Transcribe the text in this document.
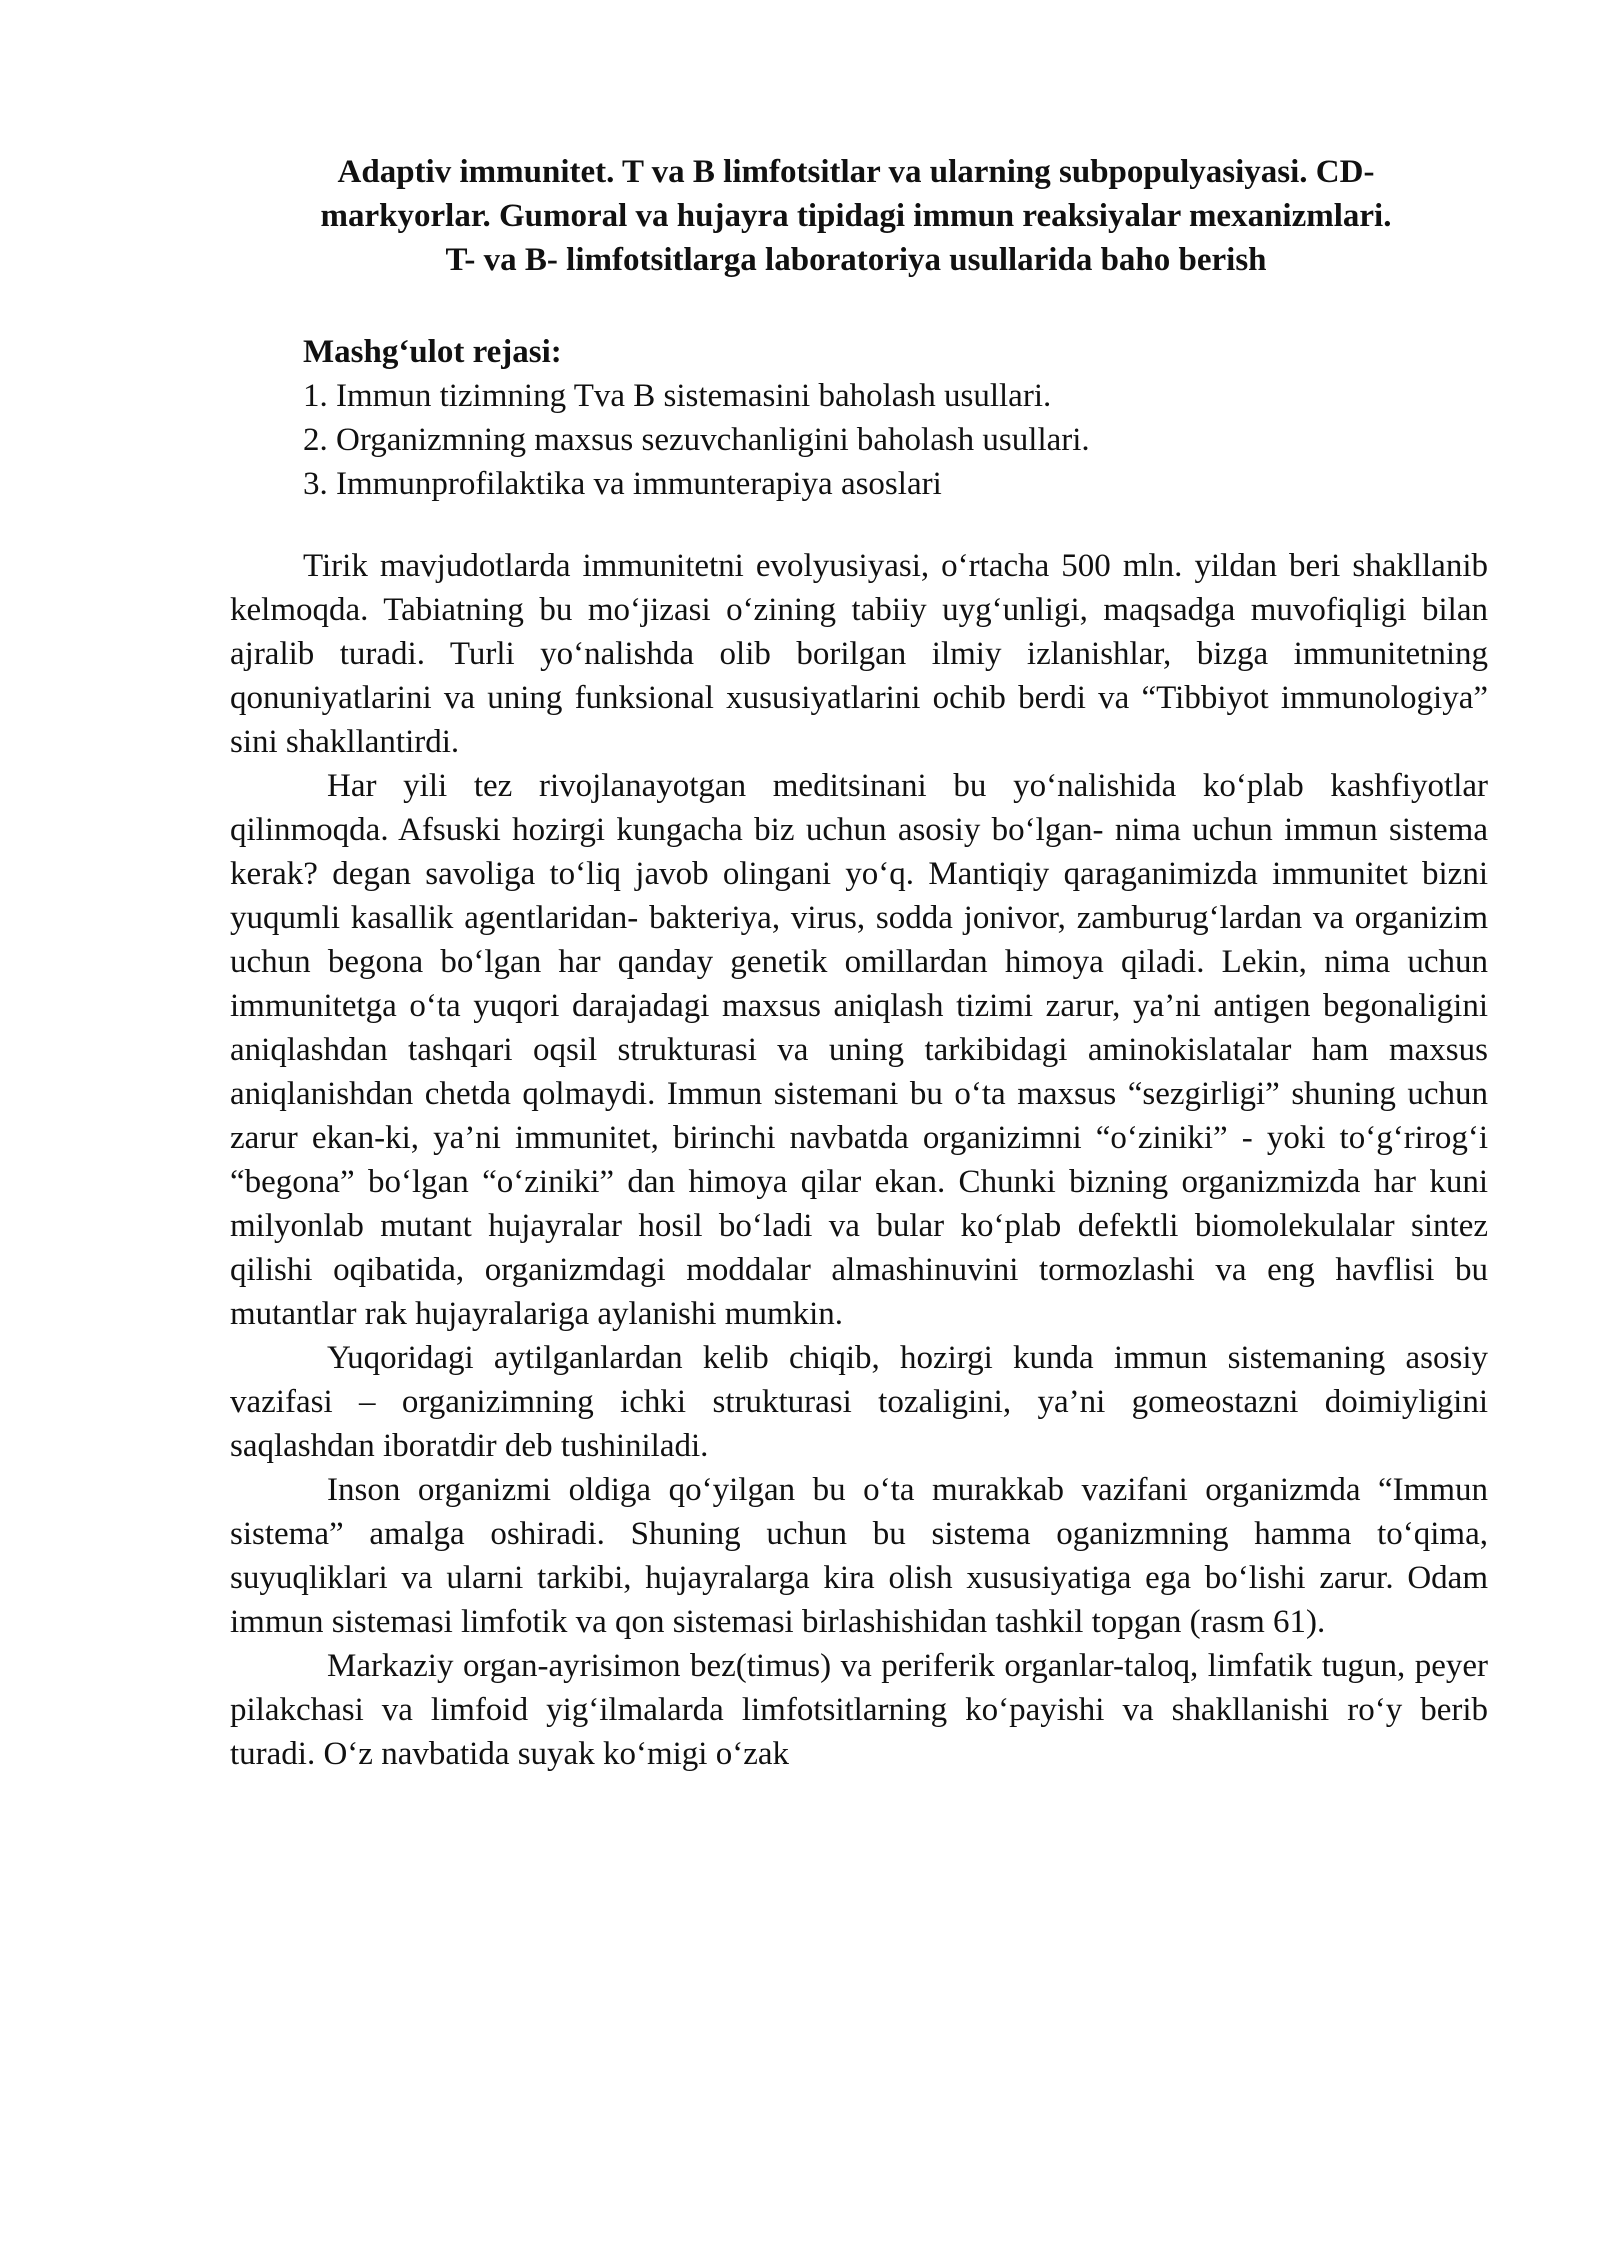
Adaptiv immunitet. T va B limfotsitlar va ularning subpopulyasiyasi. CD-
markyorlar. Gumoral va hujayra tipidagi immun reaksiyalar mexanizmlari.
T- va B- limfotsitlarga laboratoriya usullarida baho berish
Mashg‘ulot rejasi:
1. Immun tizimning Tva B sistemasini baholash usullari.
2. Organizmning maxsus sezuvchanligini baholash usullari.
3. Immunprofilaktika va immunterapiya asoslari

Tirik mavjudotlarda immunitetni evolyusiyasi, o‘rtacha 500 mln. yildan beri shakllanib kelmoqda. Tabiatning bu mo‘jizasi o‘zining tabiiy uyg‘unligi, maqsadga muvofiqligi bilan ajralib turadi. Turli yo‘nalishda olib borilgan ilmiy izlanishlar, bizga immunitetning qonuniyatlarini va uning funksional xususiyatlarini ochib berdi va “Tibbiyot immunologiya” sini shakllantirdi.

Har yili tez rivojlanayotgan meditsinani bu yo‘nalishida ko‘plab kashfiyotlar qilinmoqda. Afsuski hozirgi kungacha biz uchun asosiy bo‘lgan- nima uchun immun sistema kerak? degan savoliga to‘liq javob olingani yo‘q. Mantiqiy qaraganimizda immunitet bizni yuqumli kasallik agentlaridan- bakteriya, virus, sodda jonivor, zamburug‘lardan va organizim uchun begona bo‘lgan har qanday genetik omillardan himoya qiladi. Lekin, nima uchun immunitetga o‘ta yuqori darajadagi maxsus aniqlash tizimi zarur, ya’ni antigen begonaligini aniqlashdan tashqari oqsil strukturasi va uning tarkibidagi aminokislatalar ham maxsus aniqlanishdan chetda qolmaydi. Immun sistemani bu o‘ta maxsus “sezgirligi” shuning uchun zarur ekan-ki, ya’ni immunitet, birinchi navbatda organizimni “o‘ziniki” - yoki to‘g‘rirog‘i “begona” bo‘lgan “o‘ziniki” dan himoya qilar ekan. Chunki bizning organizmizda har kuni milyonlab mutant hujayralar hosil bo‘ladi va bular ko‘plab defektli biomolekulalar sintez qilishi oqibatida, organizmdagi moddalar almashinuvini tormozlashi va eng havflisi bu mutantlar rak hujayralariga aylanishi mumkin.

Yuqoridagi aytilganlardan kelib chiqib, hozirgi kunda immun sistemaning asosiy vazifasi – organizimning ichki strukturasi tozaligini, ya’ni gomeostazni doimiyligini saqlashdan iboratdir deb tushiniladi.

Inson organizmi oldiga qo‘yilgan bu o‘ta murakkab vazifani organizmda “Immun sistema” amalga oshiradi. Shuning uchun bu sistema oganizmning hamma to‘qima, suyuqliklari va ularni tarkibi, hujayralarga kira olish xususiyatiga ega bo‘lishi zarur. Odam immun sistemasi limfotik va qon sistemasi birlashishidan tashkil topgan (rasm 61).

Markaziy organ-ayrisimon bez(timus) va periferik organlar-taloq, limfatik tugun, peyer pilakchasi va limfoid yig‘ilmalarda limfotsitlarning ko‘payishi va shakllanishi ro‘y berib turadi. O‘z navbatida suyak ko‘migi o‘zak
